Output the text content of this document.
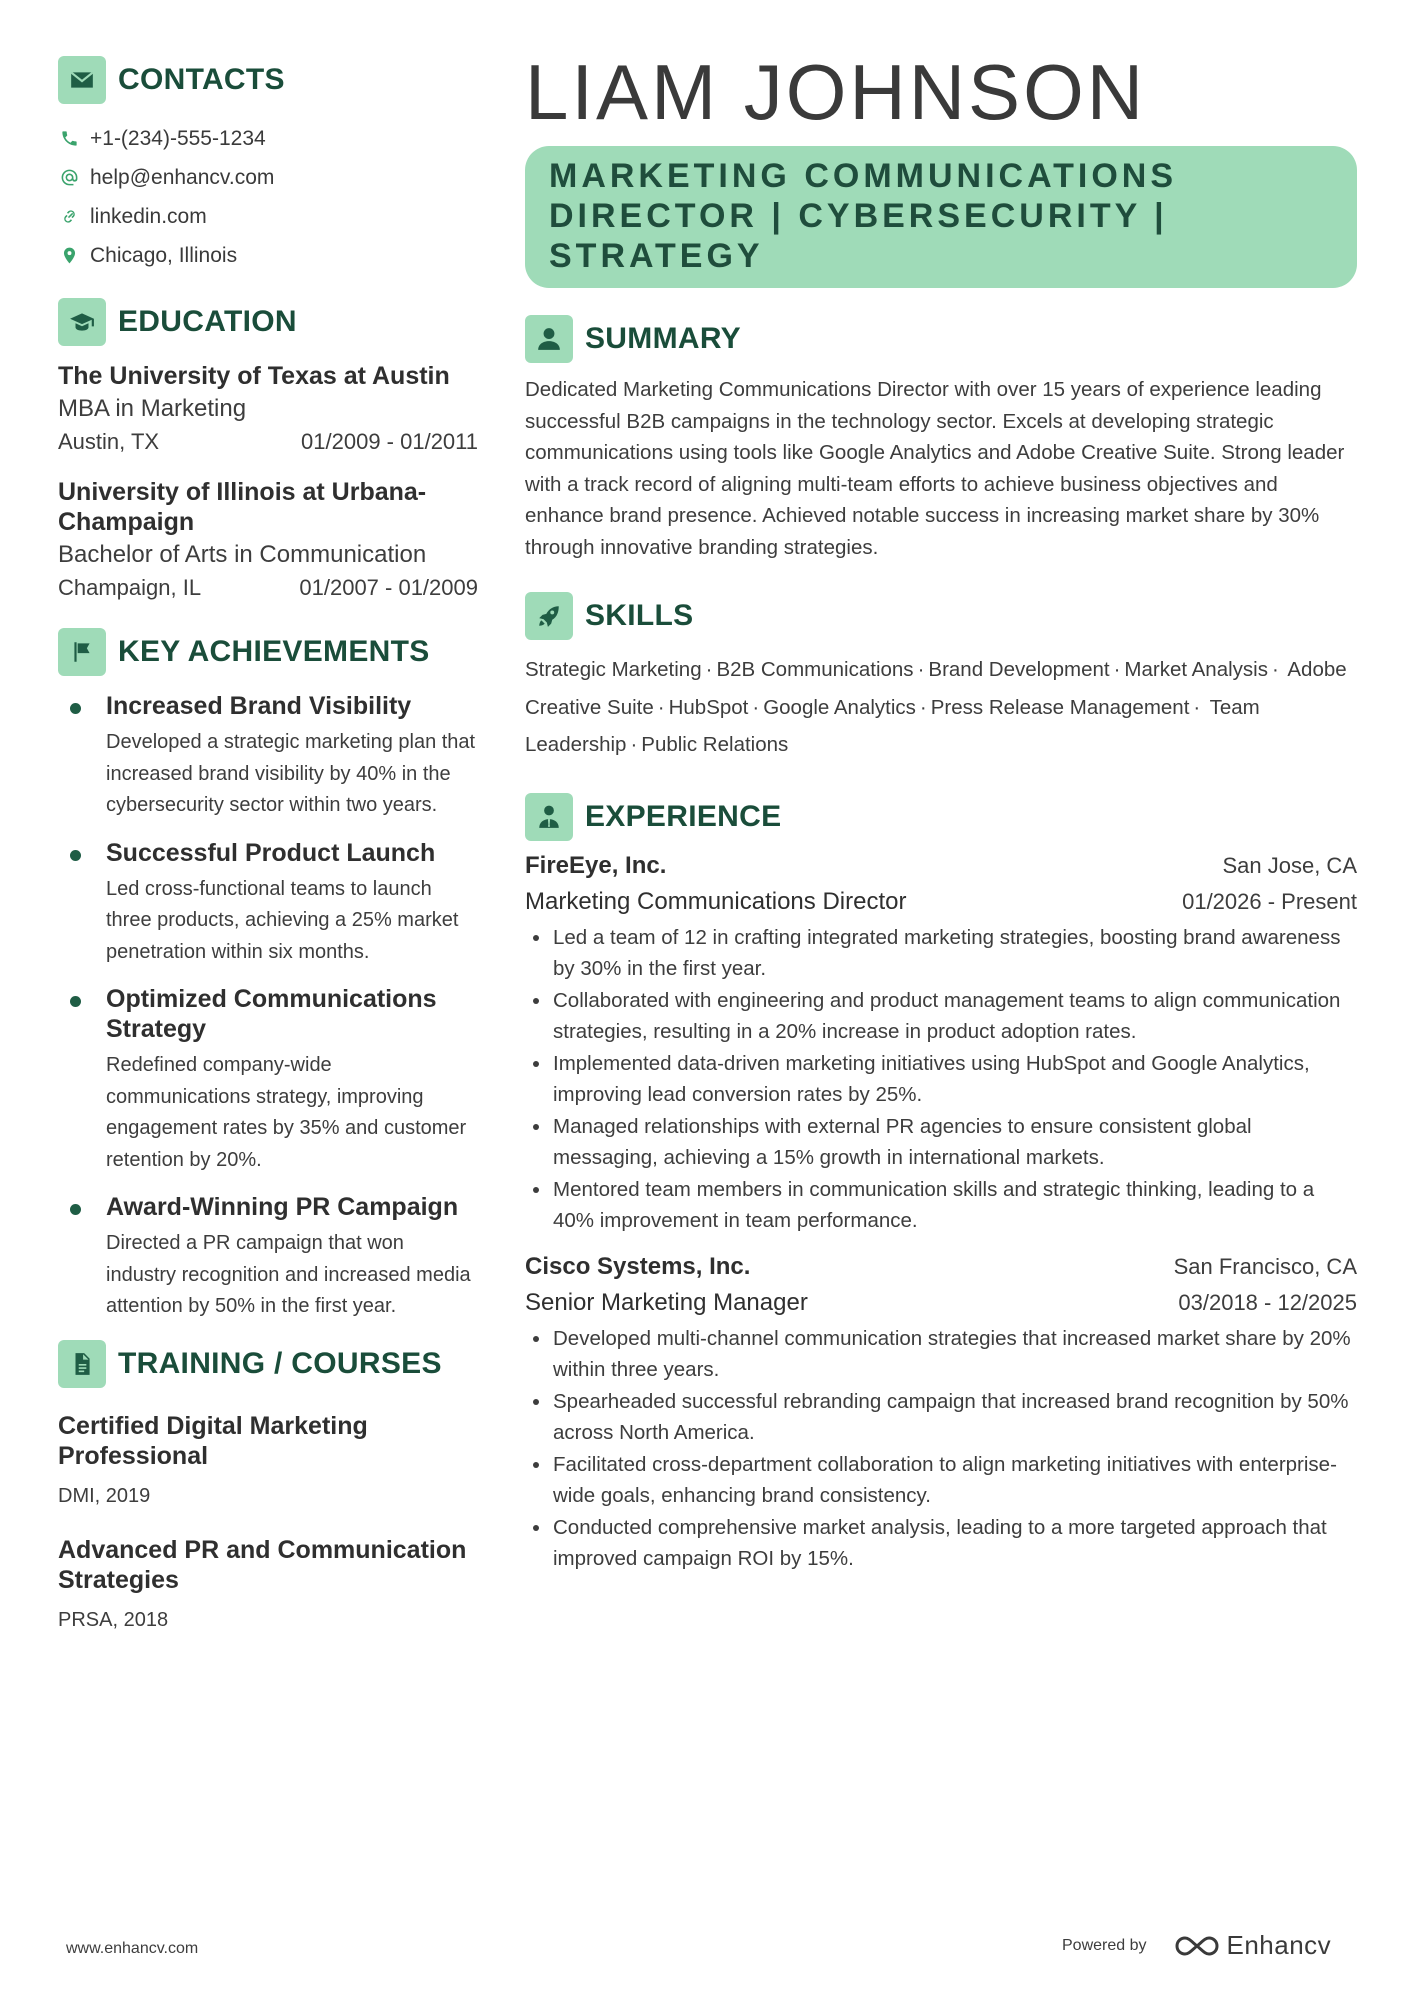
CONTACTS
+1-(234)-555-1234
help@enhancv.com
linkedin.com
Chicago, Illinois
EDUCATION
The University of Texas at Austin
MBA in Marketing
Austin, TX	01/2009 - 01/2011
University of Illinois at Urbana-Champaign
Bachelor of Arts in Communication
Champaign, IL	01/2007 - 01/2009
KEY ACHIEVEMENTS
Increased Brand Visibility
Developed a strategic marketing plan that increased brand visibility by 40% in the cybersecurity sector within two years.
Successful Product Launch
Led cross-functional teams to launch three products, achieving a 25% market penetration within six months.
Optimized Communications Strategy
Redefined company-wide communications strategy, improving engagement rates by 35% and customer retention by 20%.
Award-Winning PR Campaign
Directed a PR campaign that won industry recognition and increased media attention by 50% in the first year.
TRAINING / COURSES
Certified Digital Marketing Professional
DMI, 2019
Advanced PR and Communication Strategies
PRSA, 2018
LIAM JOHNSON
MARKETING COMMUNICATIONS
DIRECTOR | CYBERSECURITY | STRATEGY
SUMMARY
Dedicated Marketing Communications Director with over 15 years of experience leading successful B2B campaigns in the technology sector. Excels at developing strategic communications using tools like Google Analytics and Adobe Creative Suite. Strong leader with a track record of aligning multi-team efforts to achieve business objectives and enhance brand presence. Achieved notable success in increasing market share by 30% through innovative branding strategies.
SKILLS
Strategic Marketing · B2B Communications · Brand Development · Market Analysis · Adobe Creative Suite · HubSpot · Google Analytics · Press Release Management · Team Leadership · Public Relations
EXPERIENCE
FireEye, Inc.	San Jose, CA
Marketing Communications Director	01/2026 - Present
Led a team of 12 in crafting integrated marketing strategies, boosting brand awareness by 30% in the first year.
Collaborated with engineering and product management teams to align communication strategies, resulting in a 20% increase in product adoption rates.
Implemented data-driven marketing initiatives using HubSpot and Google Analytics, improving lead conversion rates by 25%.
Managed relationships with external PR agencies to ensure consistent global messaging, achieving a 15% growth in international markets.
Mentored team members in communication skills and strategic thinking, leading to a 40% improvement in team performance.
Cisco Systems, Inc.	San Francisco, CA
Senior Marketing Manager	03/2018 - 12/2025
Developed multi-channel communication strategies that increased market share by 20% within three years.
Spearheaded successful rebranding campaign that increased brand recognition by 50% across North America.
Facilitated cross-department collaboration to align marketing initiatives with enterprise-wide goals, enhancing brand consistency.
Conducted comprehensive market analysis, leading to a more targeted approach that improved campaign ROI by 15%.
www.enhancv.com	Powered by	Enhancv
